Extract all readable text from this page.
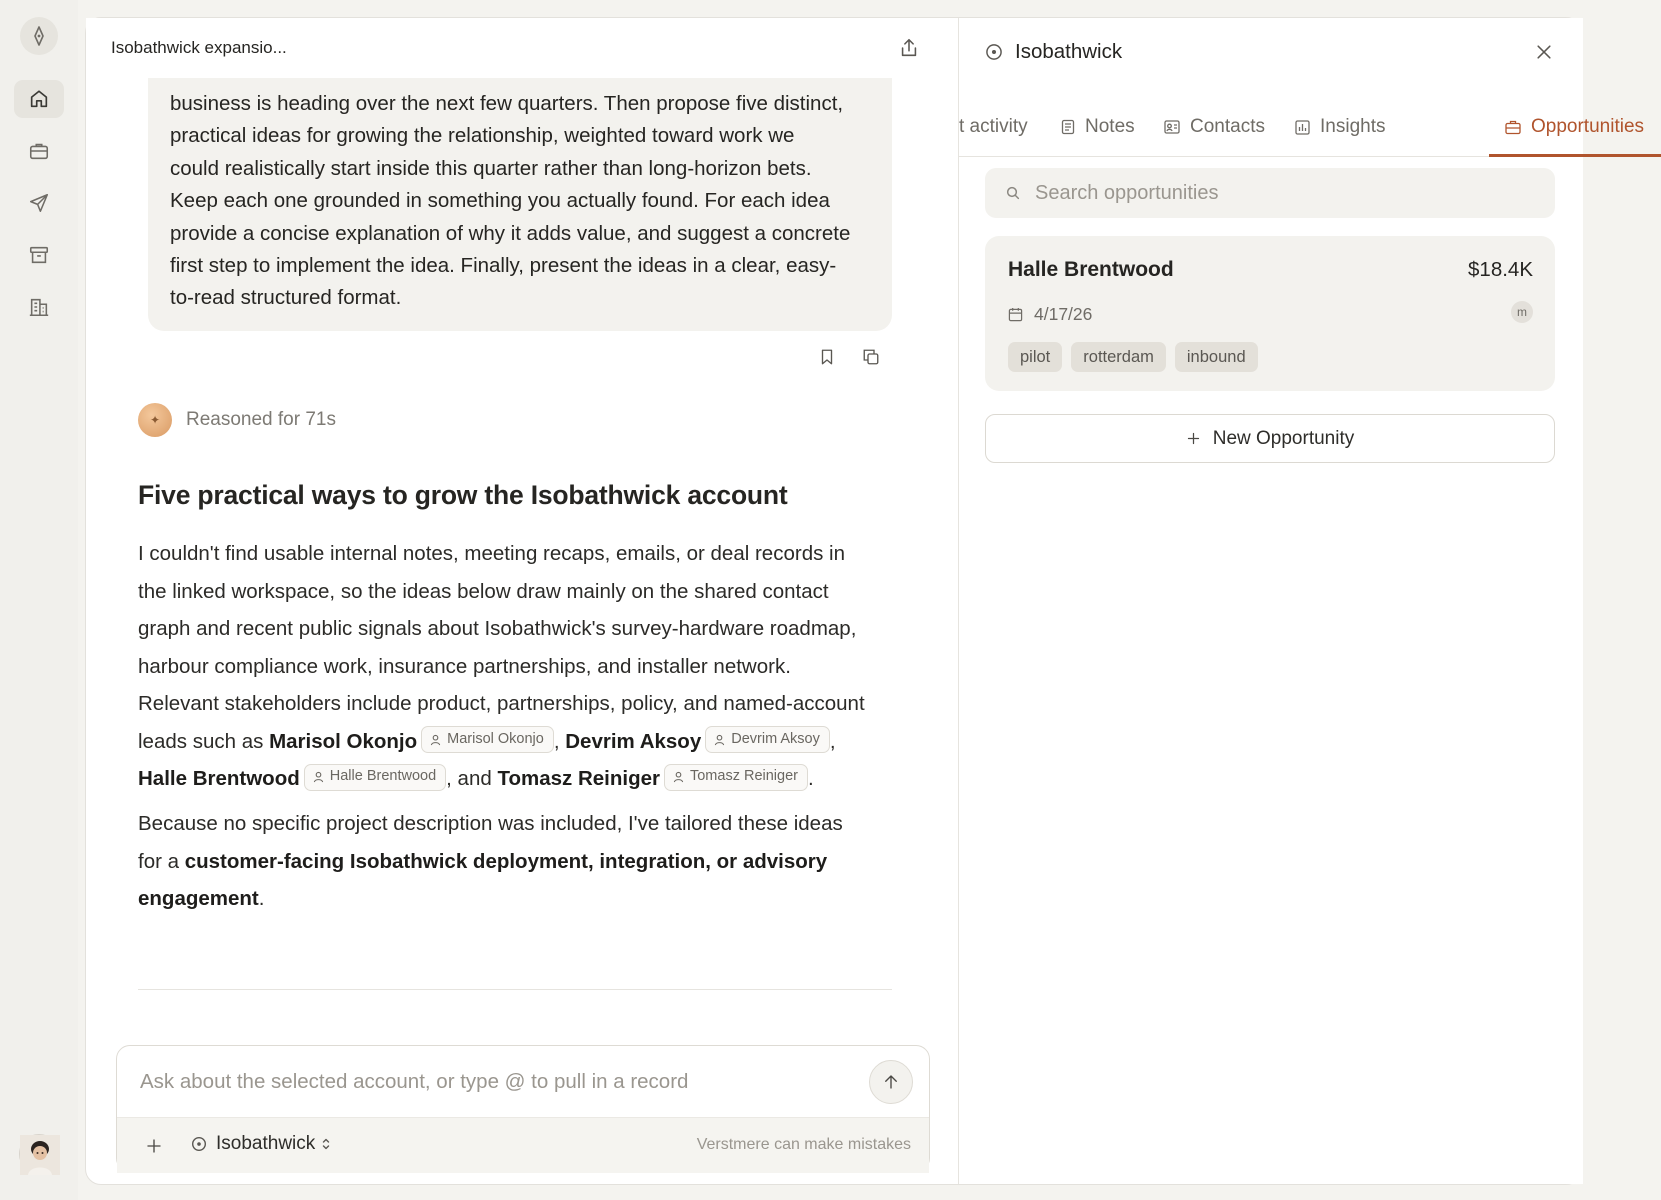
business is heading over the next few quarters. Then propose five distinct,
practical ideas for growing the relationship, weighted toward work we
could realistically start inside this quarter rather than long-horizon bets.
Keep each one grounded in something you actually found. For each idea
provide a concise explanation of why it adds value, and suggest a concrete
first step to implement the idea. Finally, present the ideas in a clear, easy-
to-read structured format.
Isobathwick expansio...
✦	Reasoned for 71s
Five practical ways to grow the Isobathwick account

I couldn't find usable internal notes, meeting recaps, emails, or deal records in

the linked workspace, so the ideas below draw mainly on the shared contact

graph and recent public signals about Isobathwick's survey-hardware roadmap,

harbour compliance work, insurance partnerships, and installer network.

Relevant stakeholders include product, partnerships, policy, and named-account

leads such as Marisol Okonjo Marisol Okonjo , Devrim Aksoy Devrim Aksoy ,

Halle Brentwood Halle Brentwood , and Tomasz Reiniger Tomasz Reiniger .

Because no specific project description was included, I've tailored these ideas

for a customer-facing Isobathwick deployment, integration, or advisory

engagement.

Ask about the selected account, or type @ to pull in a record
Isobathwick	Verstmere can make mistakes
Isobathwick
t activity	Notes	Contacts	Insights	Opportunities
Search opportunities
Halle Brentwood	$18.4K
4/17/26	m
pilot	rotterdam	inbound
New Opportunity
